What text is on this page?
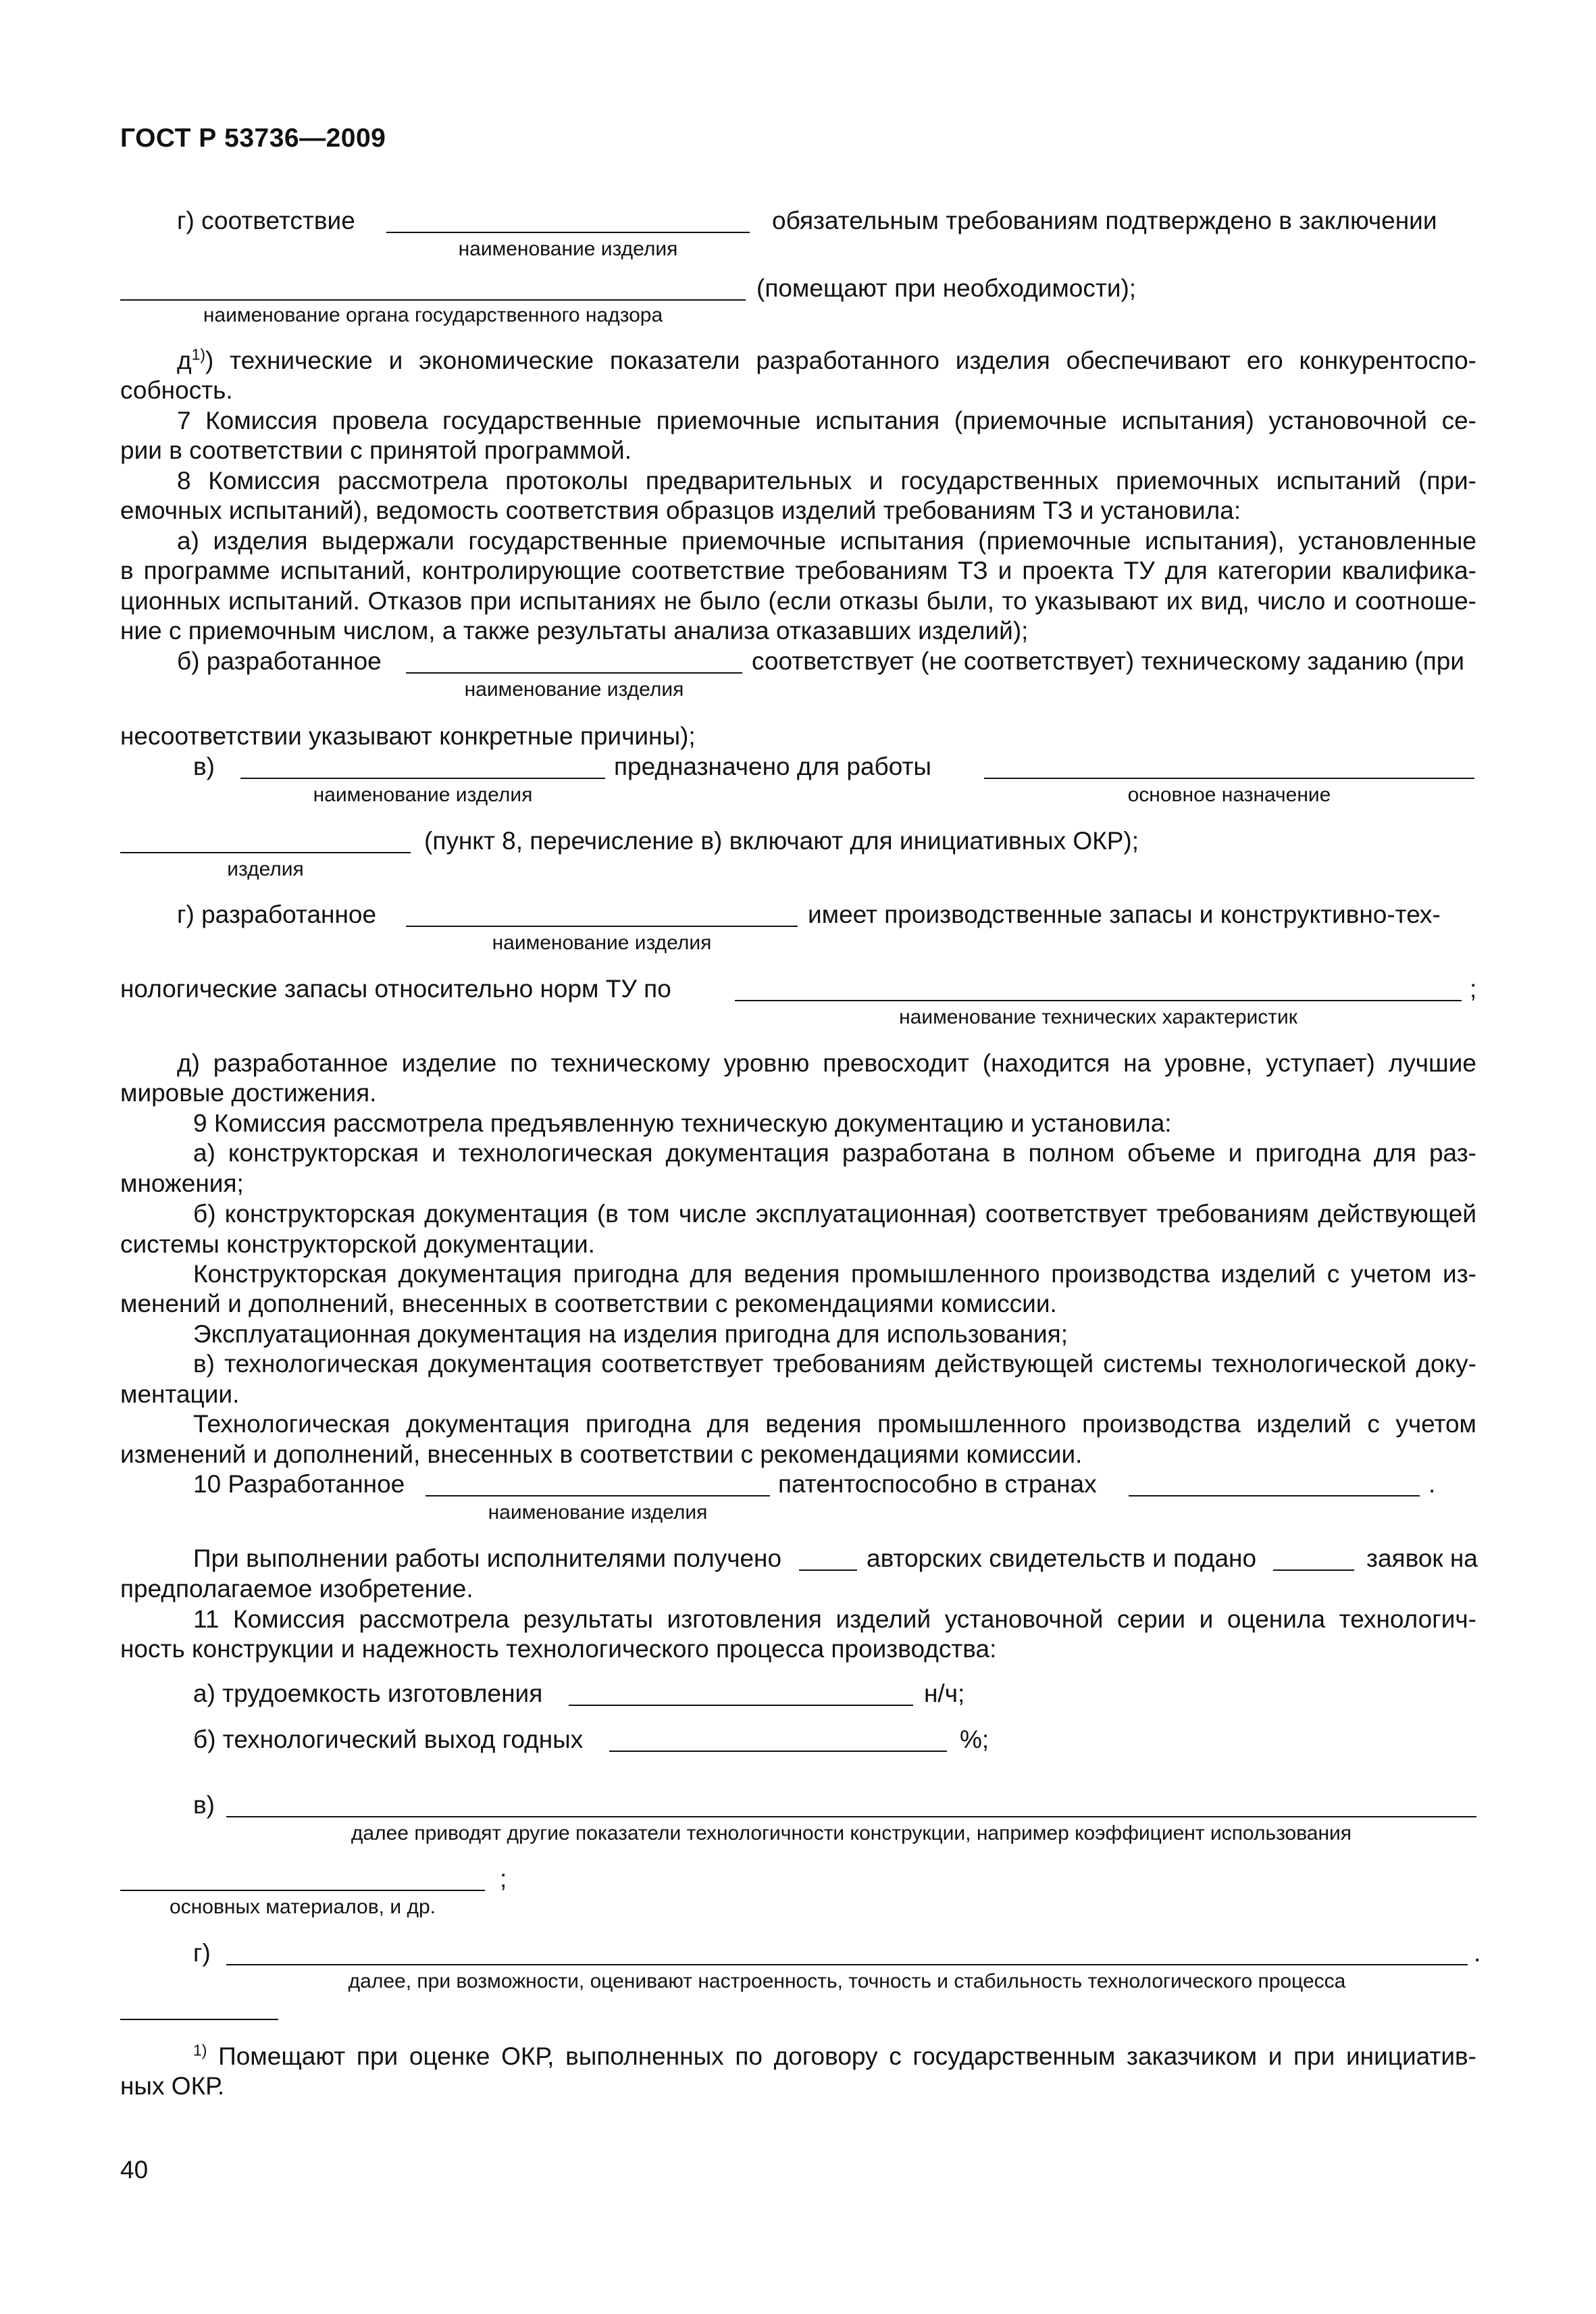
ГОСТ Р 53736—2009
г) соответствие	обязательным требованиям подтверждено в заключении
наименование изделия
(помещают при необходимости);
наименование органа государственного надзора
$д^{1)}$) технические и экономические показатели разработанного изделия обеспечивают его конкурентоспо-
собность.
7 Комиссия провела государственные приемочные испытания (приемочные испытания) установочной се-
рии в соответствии с принятой программой.
8 Комиссия рассмотрела протоколы предварительных и государственных приемочных испытаний (при-
емочных испытаний), ведомость соответствия образцов изделий требованиям ТЗ и установила:
а) изделия выдержали государственные приемочные испытания (приемочные испытания), установленные
в программе испытаний, контролирующие соответствие требованиям ТЗ и проекта ТУ для категории квалифика-
ционных испытаний. Отказов при испытаниях не было (если отказы были, то указывают их вид, число и соотноше-
ние с приемочным числом, а также результаты анализа отказавших изделий);
б) разработанное	соответствует (не соответствует) техническому заданию (при
наименование изделия
несоответствии указывают конкретные причины);
в)	предназначено для работы
наименование изделия	основное назначение
(пункт 8, перечисление в) включают для инициативных ОКР);
изделия
г) разработанное	имеет производственные запасы и конструктивно-тех-
наименование изделия
нологические запасы относительно норм ТУ по	;
наименование технических характеристик
д) разработанное изделие по техническому уровню превосходит (находится на уровне, уступает) лучшие
мировые достижения.
9 Комиссия рассмотрела предъявленную техническую документацию и установила:
а) конструкторская и технологическая документация разработана в полном объеме и пригодна для раз-
множения;
б) конструкторская документация (в том числе эксплуатационная) соответствует требованиям действующей
системы конструкторской документации.
Конструкторская документация пригодна для ведения промышленного производства изделий с учетом из-
менений и дополнений, внесенных в соответствии с рекомендациями комиссии.
Эксплуатационная документация на изделия пригодна для использования;
в) технологическая документация соответствует требованиям действующей системы технологической доку-
ментации.
Технологическая документация пригодна для ведения промышленного производства изделий с учетом
изменений и дополнений, внесенных в соответствии с рекомендациями комиссии.
10 Разработанное	патентоспособно в странах	.
наименование изделия
При выполнении работы исполнителями получено	авторских свидетельств и подано	заявок на
предполагаемое изобретение.
11 Комиссия рассмотрела результаты изготовления изделий установочной серии и оценила технологич-
ность конструкции и надежность технологического процесса производства:
а) трудоемкость изготовления	н/ч;
б) технологический выход годных	%;
в)
далее приводят другие показатели технологичности конструкции, например коэффициент использования
;
основных материалов, и др.
г)	.
далее, при возможности, оценивают настроенность, точность и стабильность технологического процесса
$^{1)}$ Помещают при оценке ОКР, выполненных по договору с государственным заказчиком и при инициатив-
ных ОКР.
40
